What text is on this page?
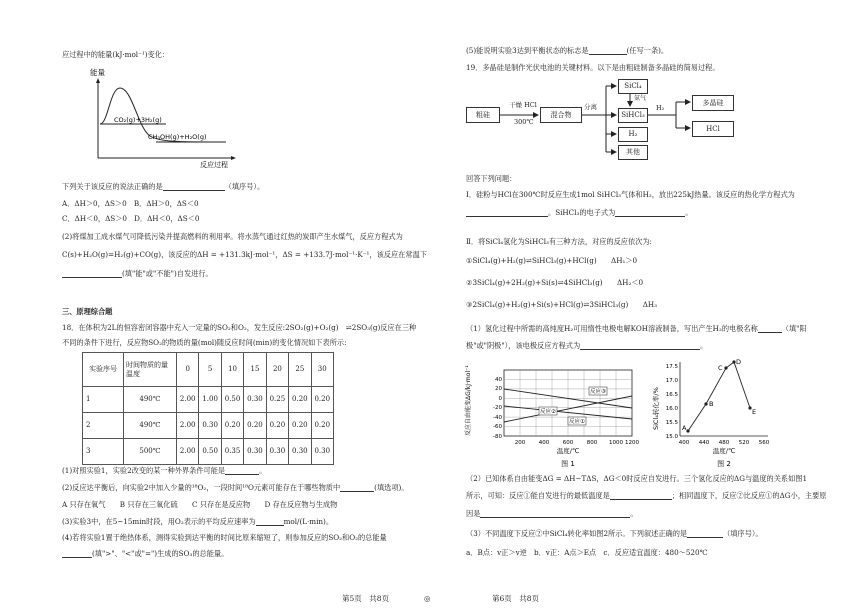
应过程中的能量(kJ·mol⁻¹)变化：
能量
CO₂(g)+3H₂(g)
CH₃OH(g)+H₂O(g)
反应过程
下列关于该反应的说法正确的是	（填序号）。
A．ΔH＞0，ΔS＞0　B．ΔH＞0，ΔS＜0
C．ΔH＜0，ΔS＞0　D．ΔH＜0，ΔS＜0
(2)将煤加工成水煤气可降低污染并提高燃料的利用率。将水蒸气通过红热的炭即产生水煤气，反应方程式为
C(s)+H₂O(g)=H₂(g)+CO(g)，该反应的ΔH = +131.3kJ·mol⁻¹，ΔS = +133.7J·mol⁻¹·K⁻¹，该反应在常温下
(填"能"或"不能")自发进行。
三、原理综合题
18．在体积为2L的恒容密闭容器中充入一定量的SO₂和O₂，发生反应:2SO₂(g)+O₂(g)　⇌2SO₃(g)反应在三种
不同的条件下进行，反应物SO₂的物质的量(mol)随反应时间(min)的变化情况如下表所示:
实验序号	时间物质的量
温度	0	5	10	15	20	25	30
1	490℃	2.00	1.00	0.50	0.30	0.25	0.20	0.20
2	490℃	2.00	0.30	0.20	0.20	0.20	0.20	0.20
3	500℃	2.00	0.50	0.35	0.30	0.30	0.30	0.30
(1)对照实验1，实验2改变的某一种外界条件可能是	。
(2)反应达平衡后，向实验2中加入少量的¹⁸O₂，一段时间¹⁸O元素可能存在于哪些物质中	(填选项)。
A 只存在氧气　　B 只存在三氧化硫　　C 只存在是反应物　　D 存在反应物与生成物
(3)实验3中，在5~15min时段，用O₂表示的平均反应速率为	mol/(L·min)。
(4)若将实验1置于绝热体系，测得实验到达平衡的时间比原来缩短了，则参加反应的SO₂和O₂的总能量
(填">"、"<"或"=")生成的SO₃的总能量。
第5页　共8页	◎
(5)能说明实验3达到平衡状态的标志是	(任写一条)。
19．多晶硅是制作光伏电池的关键材料。以下是由粗硅制备多晶硅的简易过程。
粗硅
干燥 HCl
300℃
混合物
分离
SiCl₄
氨气
SiHCl₃
H₂
其他
H₂
多晶硅
HCl
回答下列问题：
Ⅰ．硅粉与HCl在300℃时反应生成1mol SiHCl₃气体和H₂，放出225kJ热量。该反应的热化学方程式为
。SiHCl₃的电子式为	。
Ⅱ．将SiCl₄氢化为SiHCl₃有三种方法，对应的反应依次为:
①SiCl₄(g)+H₂(g)⇌SiHCl₃(g)+HCl(g)　　ΔH₁＞0
②3SiCl₄(g)+2H₂(g)+Si(s)⇌4SiHCl₃(g)　　ΔH₂＜0
③2SiCl₄(g)+H₂(g)+Si(s)+HCl(g)⇌3SiHCl₃(g)　　ΔH₃
（1）氢化过程中所需的高纯度H₂可用惰性电极电解KOH溶液制备，写出产生H₂的电极名称	（填"阳
极"或"阴极"），该电极反应方程式为	。
反应自由能变ΔG/kJ·mol⁻¹	40
20
0
-20
-40
-60
-80
200 400 600 800 1000 1200
温度/℃
反应③
反应②
反应①
图 1
SiCl₄转化率/%
17.5
17.0
16.5
16.0
15.5
15.0
400 440 480 520 560
A
B
C
D
E
温度/℃
图 2
（2）已知体系自由能变ΔG = ΔH−TΔS，ΔG＜0时反应自发进行。三个氢化反应的ΔG与温度的关系如图1
所示，可知：反应①能自发进行的最低温度是	；相同温度下，反应②比反应①的ΔG小，主要原
因是	。
（3）不同温度下反应②中SiCl₄转化率如图2所示。下列叙述正确的是	（填序号）。
a．B点：v正＞v逆　b．v正：A点＞E点　c．反应适宜温度：480～520℃
第6页　共8页
